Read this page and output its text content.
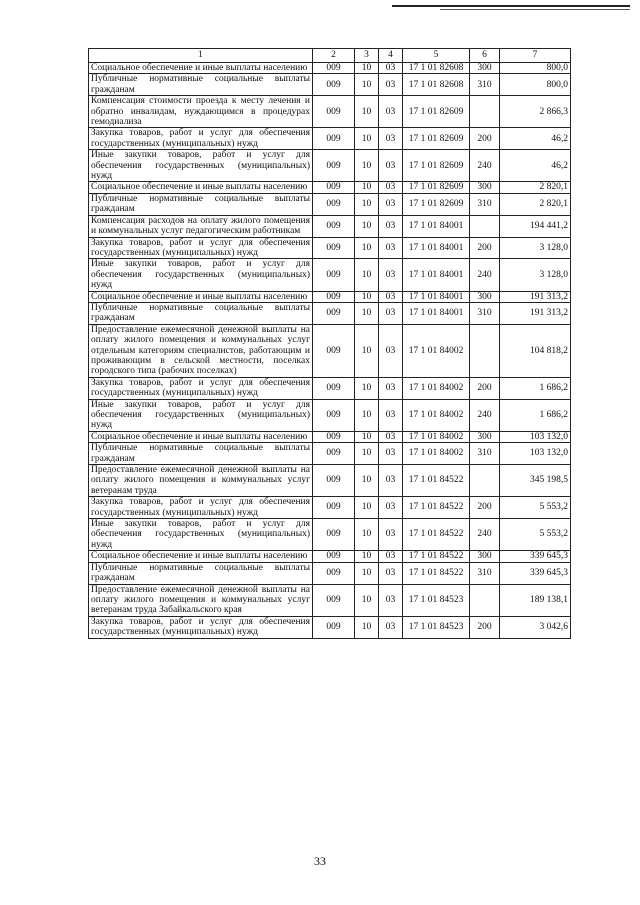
1	2	3	4	5	6	7
Социальное обеспечение и иные выплаты населению	009	10	03	17 1 01 82608	300	800,0
Публичные нормативные социальные выплаты гражданам	009	10	03	17 1 01 82608	310	800,0
Компенсация стоимости проезда к месту лечения и обратно инвалидам, нуждающимся в процедурах гемодиализа	009	10	03	17 1 01 82609		2 866,3
Закупка товаров, работ и услуг для обеспечения государственных (муниципальных) нужд	009	10	03	17 1 01 82609	200	46,2
Иные закупки товаров, работ и услуг для обеспечения государственных (муниципальных) нужд	009	10	03	17 1 01 82609	240	46,2
Социальное обеспечение и иные выплаты населению	009	10	03	17 1 01 82609	300	2 820,1
Публичные нормативные социальные выплаты гражданам	009	10	03	17 1 01 82609	310	2 820,1
Компенсация расходов на оплату жилого помещения и коммунальных услуг педагогическим работникам	009	10	03	17 1 01 84001		194 441,2
Закупка товаров, работ и услуг для обеспечения государственных (муниципальных) нужд	009	10	03	17 1 01 84001	200	3 128,0
Иные закупки товаров, работ и услуг для обеспечения государственных (муниципальных) нужд	009	10	03	17 1 01 84001	240	3 128,0
Социальное обеспечение и иные выплаты населению	009	10	03	17 1 01 84001	300	191 313,2
Публичные нормативные социальные выплаты гражданам	009	10	03	17 1 01 84001	310	191 313,2
Предоставление ежемесячной денежной выплаты на оплату жилого помещения и коммунальных услуг отдельным категориям специалистов, работающим и проживающим в сельской местности, поселках городского типа (рабочих поселках)	009	10	03	17 1 01 84002		104 818,2
Закупка товаров, работ и услуг для обеспечения государственных (муниципальных) нужд	009	10	03	17 1 01 84002	200	1 686,2
Иные закупки товаров, работ и услуг для обеспечения государственных (муниципальных) нужд	009	10	03	17 1 01 84002	240	1 686,2
Социальное обеспечение и иные выплаты населению	009	10	03	17 1 01 84002	300	103 132,0
Публичные нормативные социальные выплаты гражданам	009	10	03	17 1 01 84002	310	103 132,0
Предоставление ежемесячной денежной выплаты на оплату жилого помещения и коммунальных услуг ветеранам труда	009	10	03	17 1 01 84522		345 198,5
Закупка товаров, работ и услуг для обеспечения государственных (муниципальных) нужд	009	10	03	17 1 01 84522	200	5 553,2
Иные закупки товаров, работ и услуг для обеспечения государственных (муниципальных) нужд	009	10	03	17 1 01 84522	240	5 553,2
Социальное обеспечение и иные выплаты населению	009	10	03	17 1 01 84522	300	339 645,3
Публичные нормативные социальные выплаты гражданам	009	10	03	17 1 01 84522	310	339 645,3
Предоставление ежемесячной денежной выплаты на оплату жилого помещения и коммунальных услуг ветеранам труда Забайкальского края	009	10	03	17 1 01 84523		189 138,1
Закупка товаров, работ и услуг для обеспечения государственных (муниципальных) нужд	009	10	03	17 1 01 84523	200	3 042,6
33
